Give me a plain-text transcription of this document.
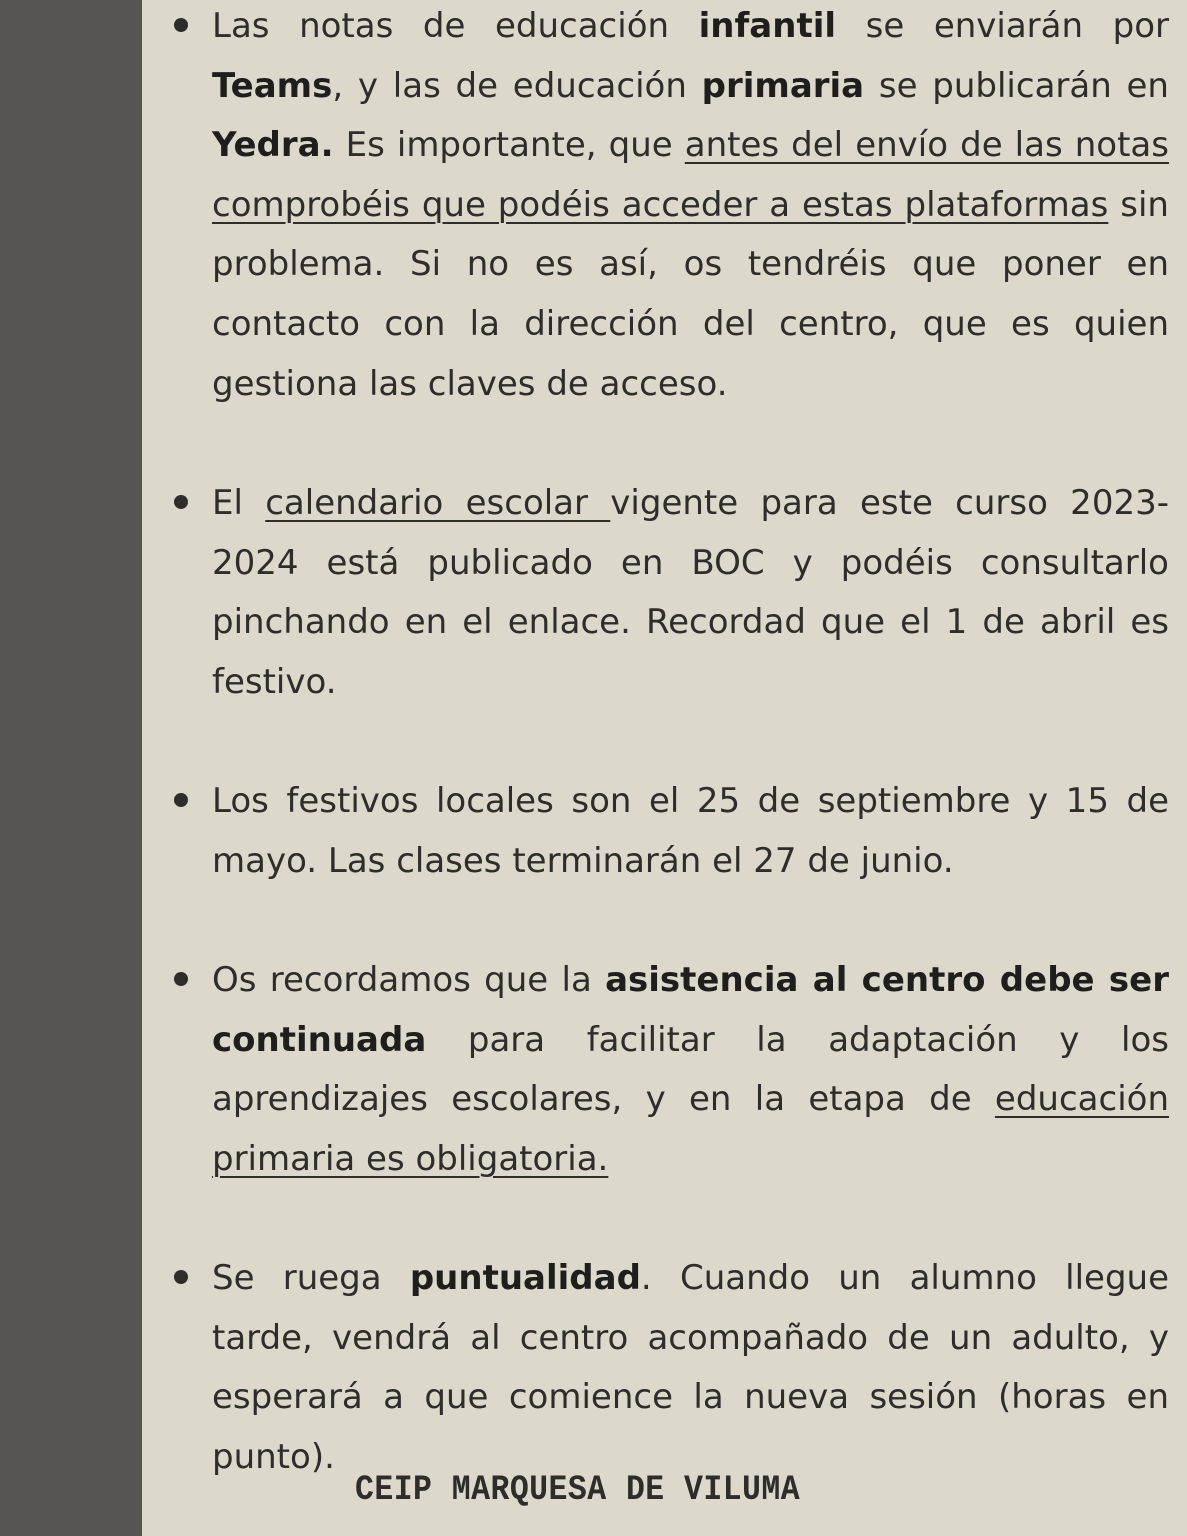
Las notas de educación infantil se enviarán por Teams, y las de educación primaria se publicarán en Yedra. Es importante, que antes del envío de las notas comprobéis que podéis acceder a estas plataformas sin problema. Si no es así, os tendréis que poner en contacto con la dirección del centro, que es quien gestiona las claves de acceso.
El calendario escolar vigente para este curso 2023-2024 está publicado en BOC y podéis consultarlo pinchando en el enlace. Recordad que el 1 de abril es festivo.
Los festivos locales son el 25 de septiembre y 15 de mayo. Las clases terminarán el 27 de junio.
Os recordamos que la asistencia al centro debe ser continuada para facilitar la adaptación y los aprendizajes escolares, y en la etapa de educación primaria es obligatoria.
Se ruega puntualidad. Cuando un alumno llegue tarde, vendrá al centro acompañado de un adulto, y esperará a que comience la nueva sesión (horas en punto).
CEIP MARQUESA DE VILUMA
